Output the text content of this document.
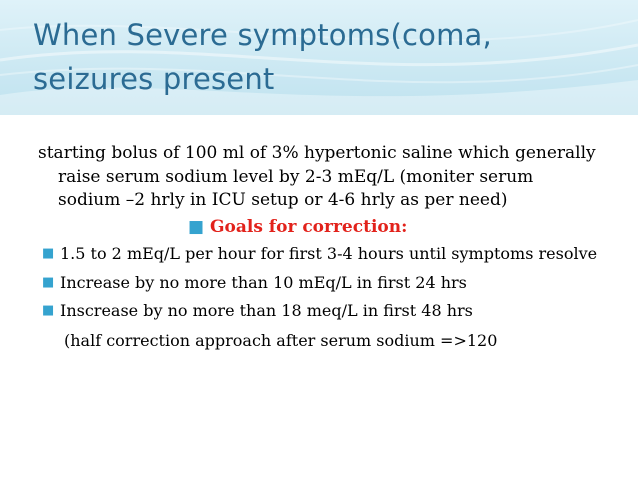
When Severe symptoms(coma,
seizures present

starting bolus of 100 ml of 3% hypertonic saline which generally raise serum sodium level by 2-3 mEq/L (moniter serum sodium –2 hrly in ICU setup or 4-6 hrly as per need)

■ Goals for correction:

■ 1.5 to 2 mEq/L per hour for first 3-4 hours until symptoms resolve
■ Increase by no more than 10 mEq/L in first 24 hrs
■ Inscrease by no more than 18 meq/L in first 48 hrs

(half correction approach after serum sodium =>120
